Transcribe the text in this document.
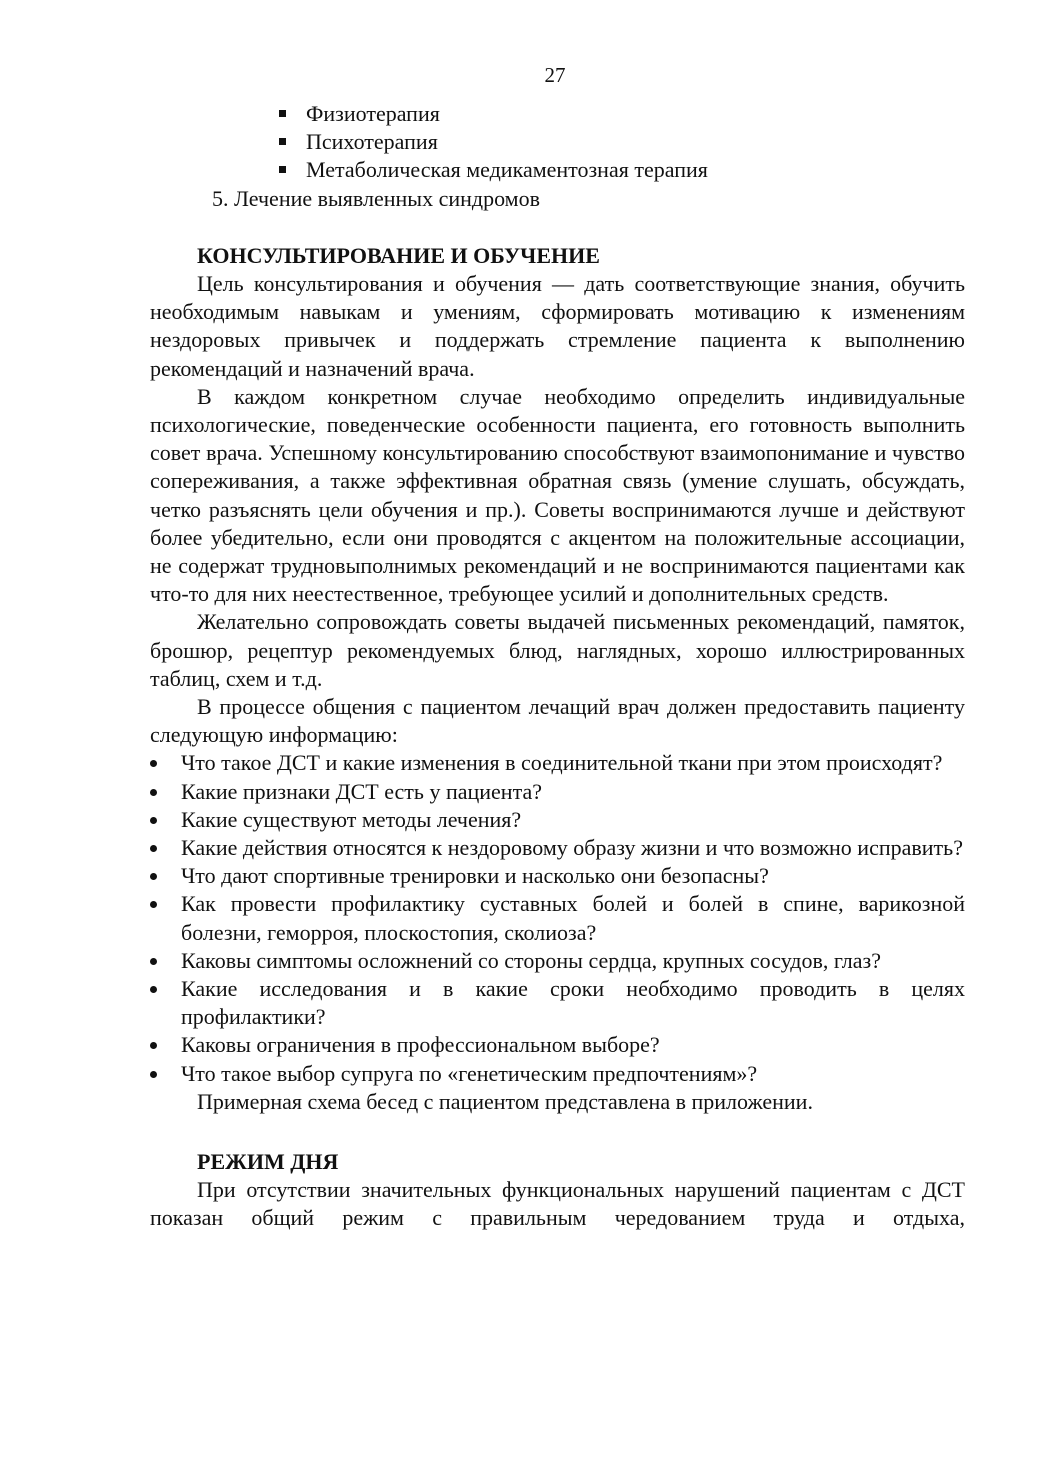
27
Физиотерапия
Психотерапия
Метаболическая медикаментозная терапия
5. Лечение выявленных синдромов
КОНСУЛЬТИРОВАНИЕ И ОБУЧЕНИЕ

Цель консультирования и обучения — дать соответствующие знания, обучить необходимым навыкам и умениям, сформировать мотивацию к изменениям нездоровых привычек и поддержать стремление пациента к выполнению рекомендаций и назначений врача.

В каждом конкретном случае необходимо определить индивидуальные психологические, поведенческие особенности пациента, его готовность выполнить совет врача. Успешному консультированию способствуют взаимопонимание и чувство сопереживания, а также эффективная обратная связь (умение слушать, обсуждать, четко разъяснять цели обучения и пр.). Советы воспринимаются лучше и действуют более убедительно, если они проводятся с акцентом на положительные ассоциации, не содержат трудновыполнимых рекомендаций и не воспринимаются пациентами как что-то для них неестественное, требующее усилий и дополнительных средств.

Желательно сопровождать советы выдачей письменных рекомендаций, памяток, брошюр, рецептур рекомендуемых блюд, наглядных, хорошо иллюстрированных таблиц, схем и т.д.

В процессе общения с пациентом лечащий врач должен предоставить пациенту следующую информацию:

Что такое ДСТ и какие изменения в соединительной ткани при этом происходят?
Какие признаки ДСТ есть у пациента?
Какие существуют методы лечения?
Какие действия относятся к нездоровому образу жизни и что возможно исправить?
Что дают спортивные тренировки и насколько они безопасны?
Как провести профилактику суставных болей и болей в спине, варикозной болезни, геморроя, плоскостопия, сколиоза?
Каковы симптомы осложнений со стороны сердца, крупных сосудов, глаз?
Какие исследования и в какие сроки необходимо проводить в целях профилактики?
Каковы ограничения в профессиональном выборе?
Что такое выбор супруга по «генетическим предпочтениям»?

Примерная схема бесед с пациентом представлена в приложении.

РЕЖИМ ДНЯ

При отсутствии значительных функциональных нарушений пациентам с ДСТ показан общий режим с правильным чередованием труда и отдыха,
